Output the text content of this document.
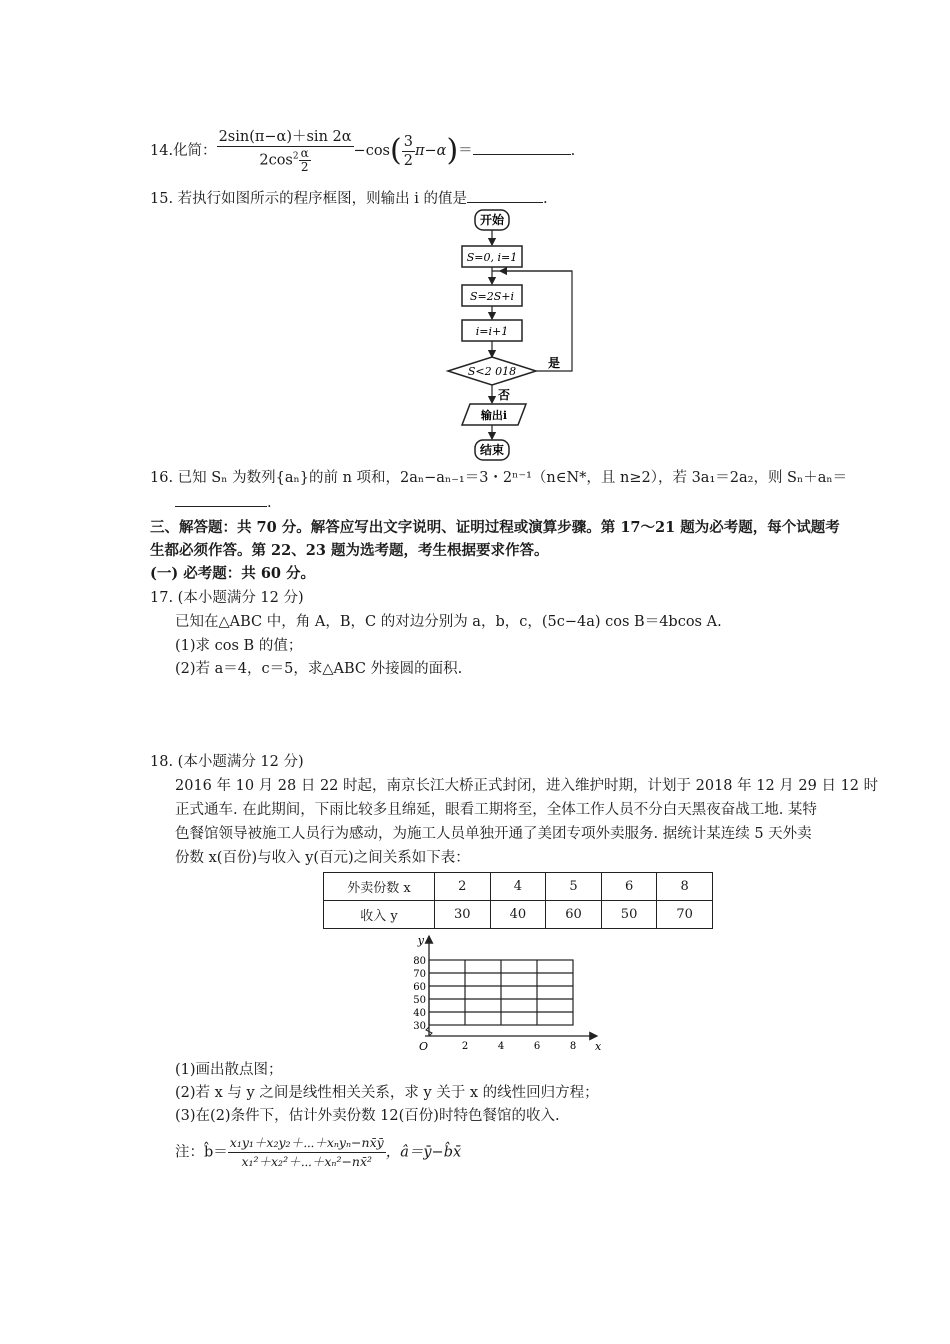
14.化简： $\frac{2\sin(\pi-\alpha)+\sin 2\alpha}{2\cos^2 \frac{\alpha}{2}} -\cos( \frac{3}{2} \pi-\alpha)=$	.
15. 若执行如图所示的程序框图，则输出 i 的值是	.
开始
S=0, i=1
S=2S+i
i=i+1
S<2 018
是
否
输出i
结束
16. 已知 Sₙ 为数列{aₙ}的前 n 项和，2aₙ−aₙ₋₁＝3・2ⁿ⁻¹（n∈N*，且 n≥2），若 3a₁＝2a₂，则 Sₙ＋aₙ＝
.
三、解答题：共 70 分。解答应写出文字说明、证明过程或演算步骤。第 17～21 题为必考题，每个试题考
生都必须作答。第 22、23 题为选考题，考生根据要求作答。
(一) 必考题：共 60 分。
17. (本小题满分 12 分)
已知在△ABC 中，角 A，B，C 的对边分别为 a，b，c，(5c−4a) cos B＝4bcos A.
(1)求 cos B 的值；
(2)若 a＝4，c＝5，求△ABC 外接圆的面积.
18. (本小题满分 12 分)
2016 年 10 月 28 日 22 时起，南京长江大桥正式封闭，进入维护时期，计划于 2018 年 12 月 29 日 12 时
正式通车. 在此期间，下雨比较多且绵延，眼看工期将至，全体工作人员不分白天黑夜奋战工地. 某特
色餐馆领导被施工人员行为感动，为施工人员单独开通了美团专项外卖服务. 据统计某连续 5 天外卖
份数 x(百份)与收入 y(百元)之间关系如下表：
外卖份数 x	2	4	5	6	8
收入 y	30	40	60	50	70
y
x
O
80
70
60
50
40
30
2	4	6	8
(1)画出散点图；
(2)若 x 与 y 之间是线性相关关系，求 y 关于 x 的线性回归方程；
(3)在(2)条件下，估计外卖份数 12(百份)时特色餐馆的收入.
注：b̂＝ $\frac{\text{x₁y₁＋x₂y₂＋⋯＋xₙyₙ−nx̄ȳ}}{\text{x₁²＋x₂²＋⋯＋xₙ²−nx̄²}}$ ，â＝ȳ−b̂x̄
